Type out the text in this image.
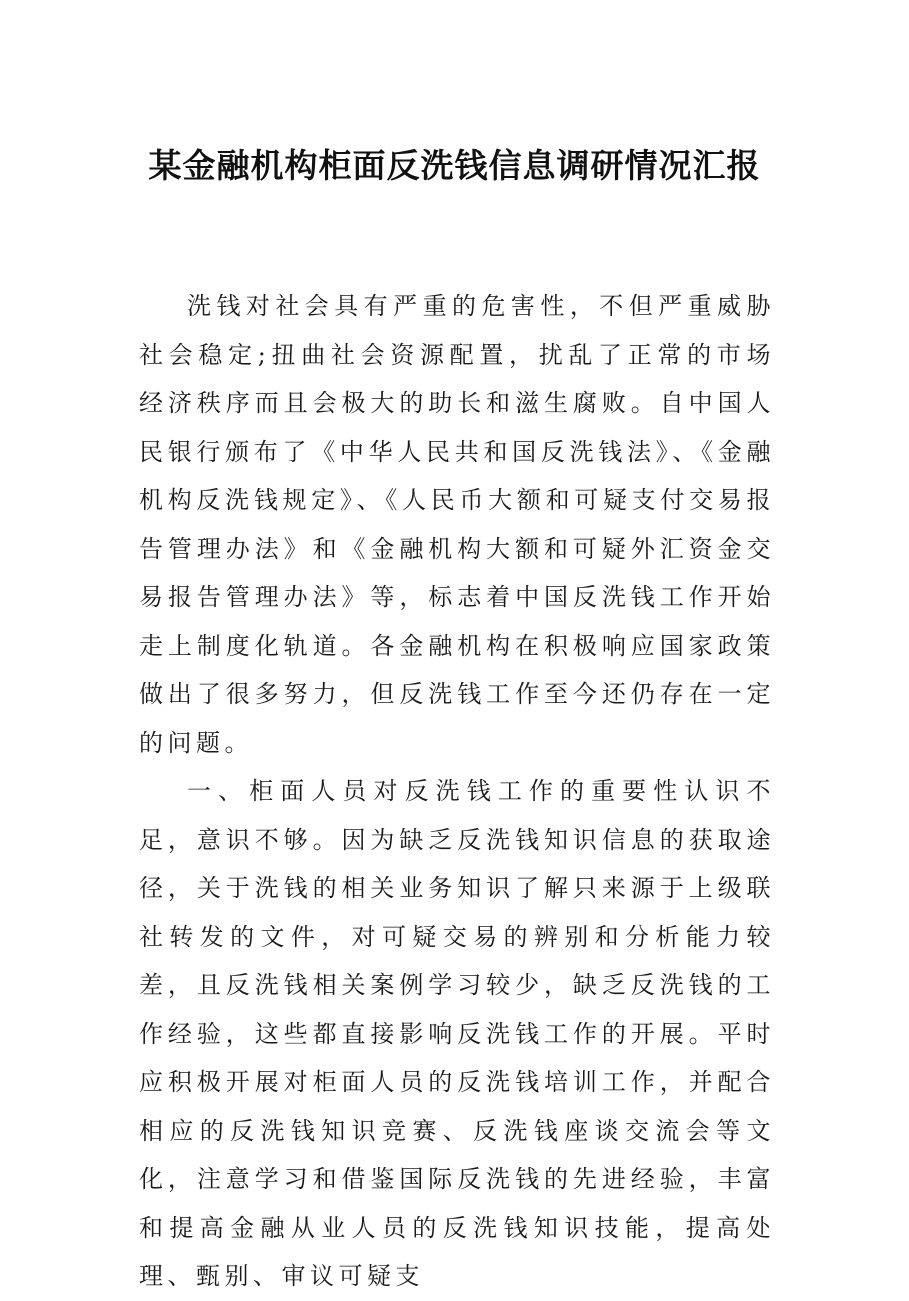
某金融机构柜面反洗钱信息调研情况汇报

洗钱对社会具有严重的危害性，不但严重威胁社会稳定;扭曲社会资源配置，扰乱了正常的市场经济秩序而且会极大的助长和滋生腐败。自中国人民银行颁布了《中华人民共和国反洗钱法》、《金融机构反洗钱规定》、《人民币大额和可疑支付交易报告管理办法》和《金融机构大额和可疑外汇资金交易报告管理办法》等，标志着中国反洗钱工作开始走上制度化轨道。各金融机构在积极响应国家政策做出了很多努力，但反洗钱工作至今还仍存在一定的问题。

一、柜面人员对反洗钱工作的重要性认识不足，意识不够。因为缺乏反洗钱知识信息的获取途径，关于洗钱的相关业务知识了解只来源于上级联社转发的文件，对可疑交易的辨别和分析能力较差，且反洗钱相关案例学习较少，缺乏反洗钱的工作经验，这些都直接影响反洗钱工作的开展。平时应积极开展对柜面人员的反洗钱培训工作，并配合相应的反洗钱知识竞赛、反洗钱座谈交流会等文化，注意学习和借鉴国际反洗钱的先进经验，丰富和提高金融从业人员的反洗钱知识技能，提高处理、甄别、审议可疑支
